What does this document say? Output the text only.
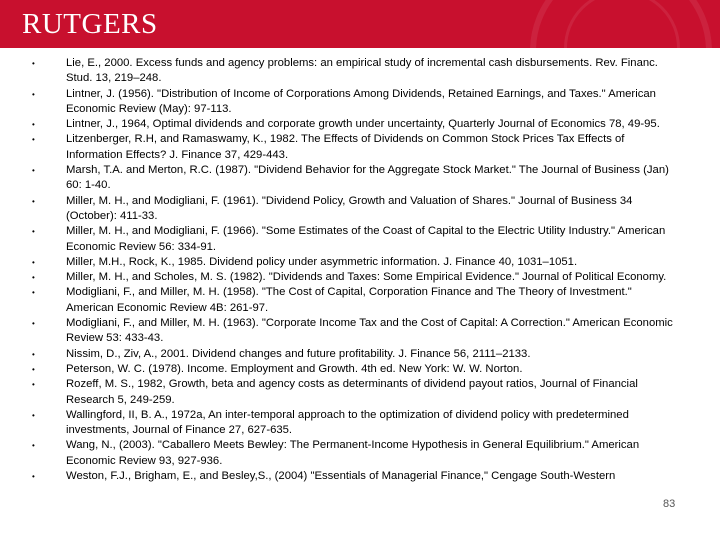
RUTGERS
•	Lie, E., 2000. Excess funds and agency problems: an empirical study of incremental cash disbursements. Rev. Financ. Stud. 13, 219–248.
•	Lintner, J. (1956). "Distribution of Income of Corporations Among Dividends, Retained Earnings, and Taxes." American Economic Review (May): 97-113.
•	Lintner, J., 1964, Optimal dividends and corporate growth under uncertainty, Quarterly Journal of Economics 78, 49-95.
•	Litzenberger, R.H, and Ramaswamy, K., 1982. The Effects of Dividends on Common Stock Prices Tax Effects of Information Effects? J. Finance 37, 429-443.
•	Marsh, T.A. and Merton, R.C. (1987). "Dividend Behavior for the Aggregate Stock Market." The Journal of Business (Jan) 60: 1-40.
•	Miller, M. H., and Modigliani, F. (1961). "Dividend Policy, Growth and Valuation of Shares." Journal of Business 34 (October): 411-33.
•	Miller, M. H., and Modigliani, F. (1966). "Some Estimates of the Coast of Capital to the Electric Utility Industry." American Economic Review 56: 334-91.
•	Miller, M.H., Rock, K., 1985. Dividend policy under asymmetric information. J. Finance 40, 1031–1051.
•	Miller, M. H., and Scholes, M. S. (1982). "Dividends and Taxes: Some Empirical Evidence." Journal of Political Economy.
•	Modigliani, F., and Miller, M. H. (1958). "The Cost of Capital, Corporation Finance and The Theory of Investment." American Economic Review 4B: 261-97.
•	Modigliani, F., and Miller, M. H. (1963). "Corporate Income Tax and the Cost of Capital: A Correction." American Economic Review 53: 433-43.
•	Nissim, D., Ziv, A., 2001. Dividend changes and future profitability. J. Finance 56, 2111–2133.
•	Peterson, W. C. (1978). Income. Employment and Growth. 4th ed. New York: W. W. Norton.
•	Rozeff, M. S., 1982, Growth, beta and agency costs as determinants of dividend payout ratios, Journal of Financial Research 5, 249-259.
•	Wallingford, II, B. A., 1972a, An inter-temporal approach to the optimization of dividend policy with predetermined investments, Journal of Finance 27, 627-635.
•	Wang, N., (2003). "Caballero Meets Bewley: The Permanent-Income Hypothesis in General Equilibrium." American Economic Review 93, 927-936.
•	Weston, F.J., Brigham, E., and Besley,S., (2004) "Essentials of Managerial Finance," Cengage South-Western
83
